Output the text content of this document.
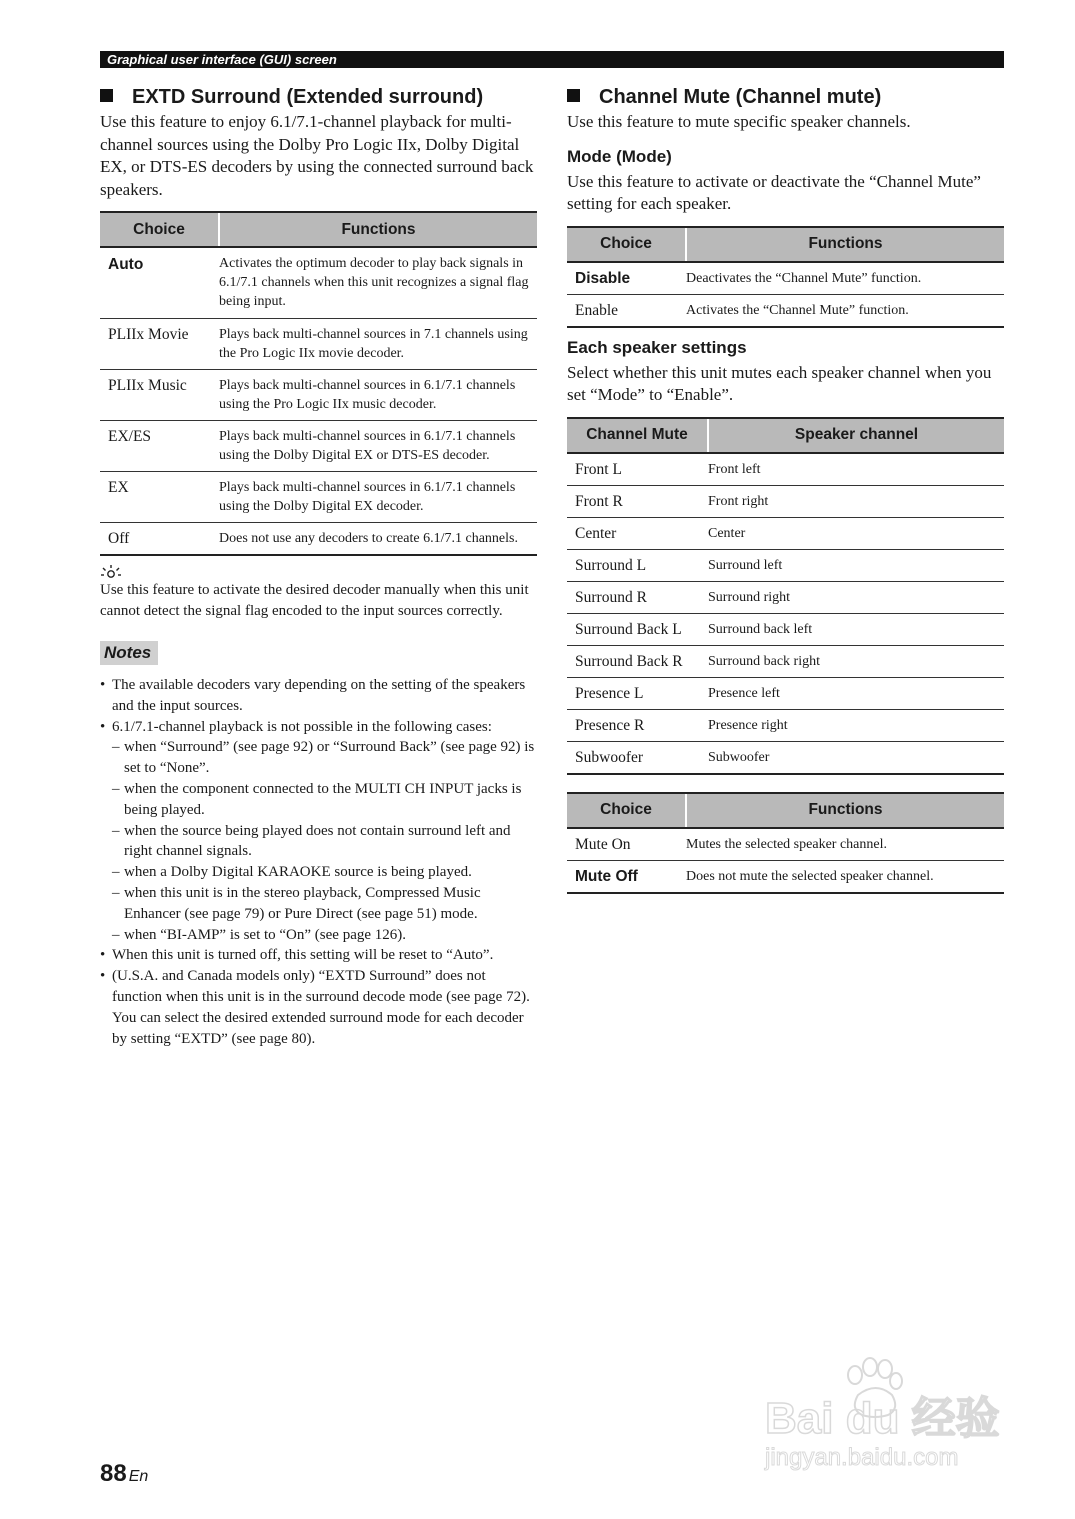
Graphical user interface (GUI) screen
EXTD Surround (Extended surround)

Use this feature to enjoy 6.1/7.1-channel playback for multi-channel sources using the Dolby Pro Logic IIx, Dolby Digital EX, or DTS-ES decoders by using the connected surround back speakers.

Choice	Functions
Auto	Activates the optimum decoder to play back signals in 6.1/7.1 channels when this unit recognizes a signal flag being input.
PLIIx Movie	Plays back multi-channel sources in 7.1 channels using the Pro Logic IIx movie decoder.
PLIIx Music	Plays back multi-channel sources in 6.1/7.1 channels using the Pro Logic IIx music decoder.
EX/ES	Plays back multi-channel sources in 6.1/7.1 channels using the Dolby Digital EX or DTS-ES decoder.
EX	Plays back multi-channel sources in 6.1/7.1 channels using the Dolby Digital EX decoder.
Off	Does not use any decoders to create 6.1/7.1 channels.

Use this feature to activate the desired decoder manually when this unit cannot detect the signal flag encoded to the input sources correctly.

Notes
• The available decoders vary depending on the setting of the speakers and the input sources.
• 6.1/7.1-channel playback is not possible in the following cases:
– when “Surround” (see page 92) or “Surround Back” (see page 92) is set to “None”.
– when the component connected to the MULTI CH INPUT jacks is being played.
– when the source being played does not contain surround left and right channel signals.
– when a Dolby Digital KARAOKE source is being played.
– when this unit is in the stereo playback, Compressed Music Enhancer (see page 79) or Pure Direct (see page 51) mode.
– when “BI-AMP” is set to “On” (see page 126).
• When this unit is turned off, this setting will be reset to “Auto”.
• (U.S.A. and Canada models only) “EXTD Surround” does not function when this unit is in the surround decode mode (see page 72). You can select the desired extended surround mode for each decoder by setting “EXTD” (see page 80).
Channel Mute (Channel mute)

Use this feature to mute specific speaker channels.

Mode (Mode)

Use this feature to activate or deactivate the “Channel Mute” setting for each speaker.

Choice	Functions
Disable	Deactivates the “Channel Mute” function.
Enable	Activates the “Channel Mute” function.
Each speaker settings

Select whether this unit mutes each speaker channel when you set “Mode” to “Enable”.

Channel Mute	Speaker channel
Front L	Front left
Front R	Front right
Center	Center
Surround L	Surround left
Surround R	Surround right
Surround Back L	Surround back left
Surround Back R	Surround back right
Presence L	Presence left
Presence R	Presence right
Subwoofer	Subwoofer
Choice	Functions
Mute On	Mutes the selected speaker channel.
Mute Off	Does not mute the selected speaker channel.
88 En
Bai du 经验
jingyan.baidu.com
